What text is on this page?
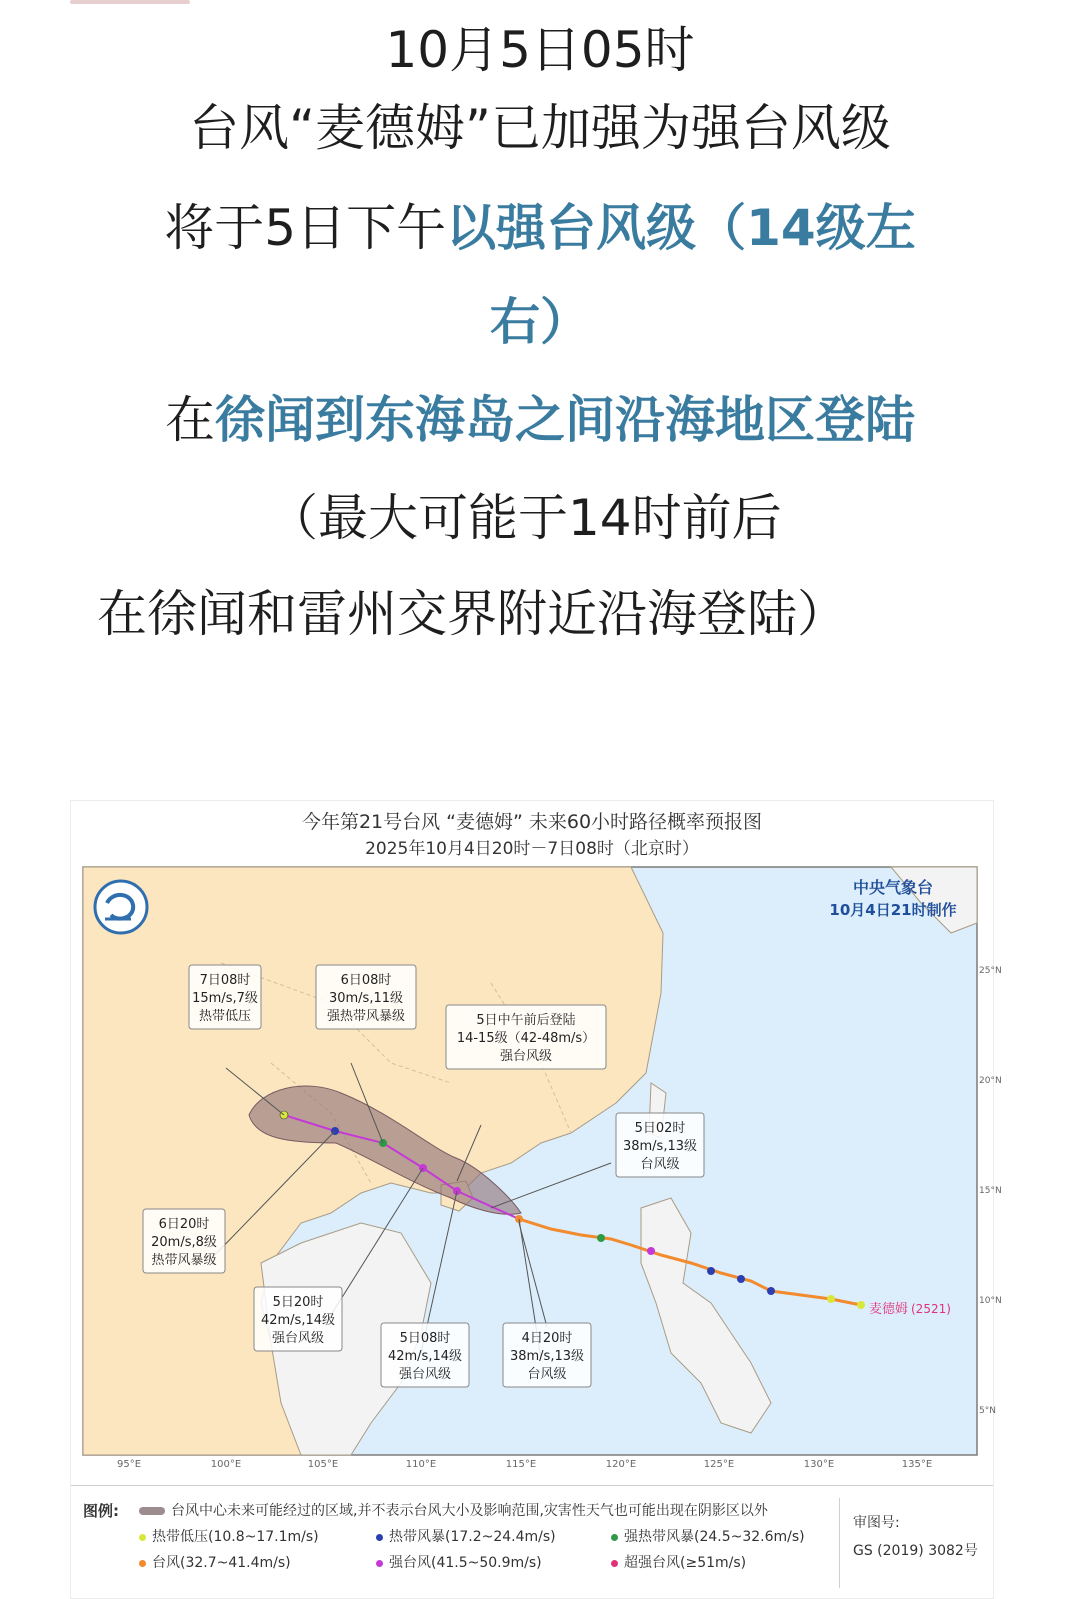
10月5日05时
台风“麦德姆”已加强为强台风级
将于5日下午以强台风级（14级左
右）
在徐闻到东海岛之间沿海地区登陆
（最大可能于14时前后
在徐闻和雷州交界附近沿海登陆）
今年第21号台风 “麦德姆” 未来60小时路径概率预报图
2025年10月4日20时－7日08时（北京时）
7日08时
15m/s,7级
热带低压
6日08时
30m/s,11级
强热带风暴级	5日中午前后登陆
14-15级（42-48m/s）
强台风级
5日02时
38m/s,13级
台风级
6日20时
20m/s,8级
热带风暴级
5日20时
42m/s,14级
强台风级	5日08时
42m/s,14级
强台风级
4日20时
38m/s,13级
台风级
中央气象台
10月4日21时制作
麦德姆 (2521)
95°E	100°E	105°E	110°E	115°E	120°E	125°E	130°E	135°E
25°N
20°N
15°N
10°N
5°N
图例:	台风中心未来可能经过的区域,并不表示台风大小及影响范围,灾害性天气也可能出现在阴影区以外
热带低压(10.8~17.1m/s)	热带风暴(17.2~24.4m/s)	强热带风暴(24.5~32.6m/s)
台风(32.7~41.4m/s)	强台风(41.5~50.9m/s)	超强台风(≥51m/s)
审图号:
GS (2019) 3082号
